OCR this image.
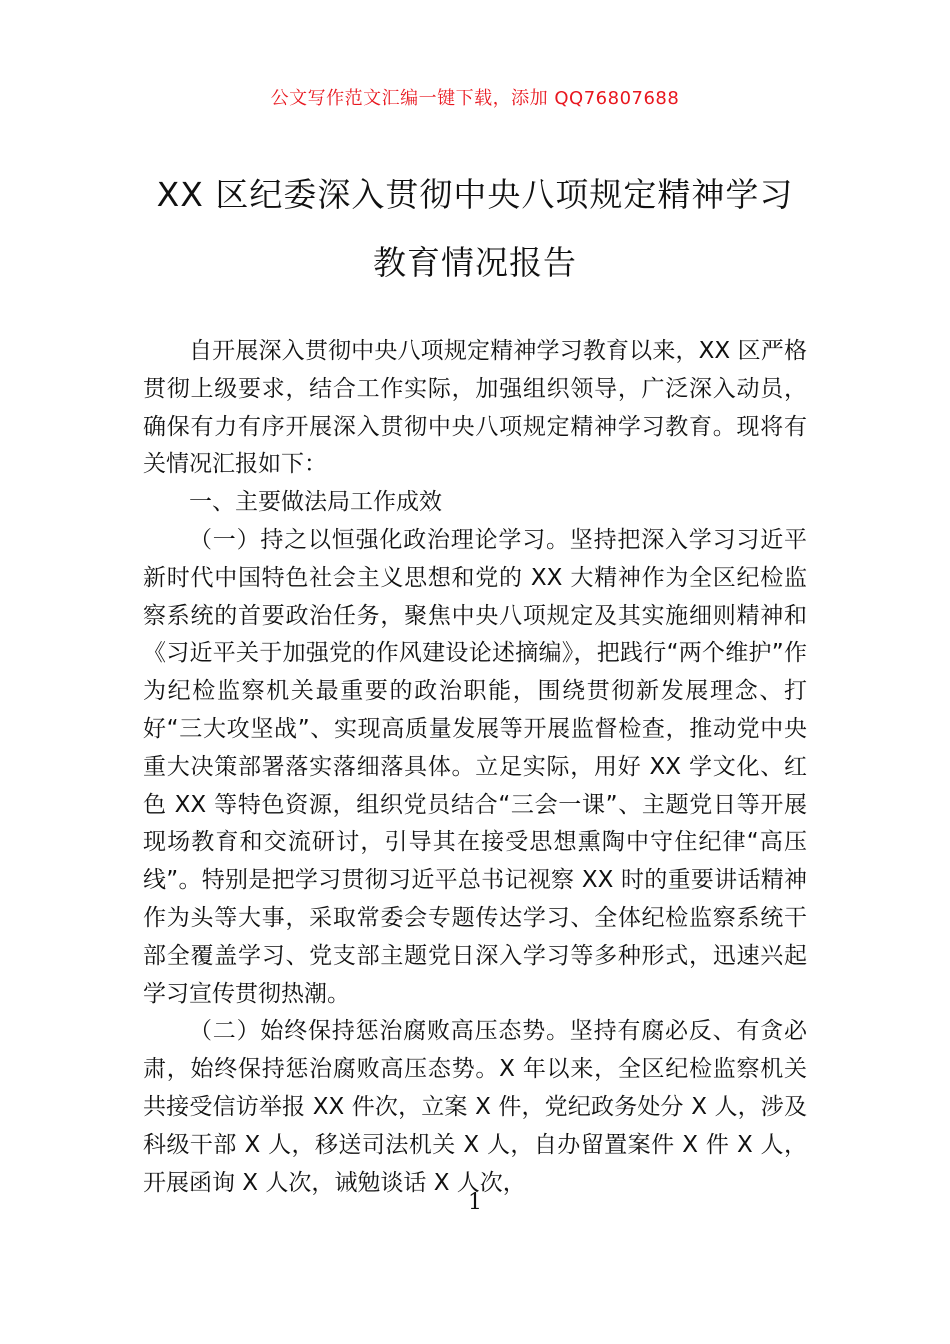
公文写作范文汇编一键下载，添加 QQ76807688
XX 区纪委深入贯彻中央八项规定精神学习
教育情况报告

自开展深入贯彻中央八项规定精神学习教育以来，XX 区严格贯彻上级要求，结合工作实际，加强组织领导，广泛深入动员，确保有力有序开展深入贯彻中央八项规定精神学习教育。现将有关情况汇报如下：

一、主要做法局工作成效

（一）持之以恒强化政治理论学习。坚持把深入学习习近平新时代中国特色社会主义思想和党的 XX 大精神作为全区纪检监察系统的首要政治任务，聚焦中央八项规定及其实施细则精神和《习近平关于加强党的作风建设论述摘编》，把践行“两个维护”作为纪检监察机关最重要的政治职能，围绕贯彻新发展理念、打好“三大攻坚战”、实现高质量发展等开展监督检查，推动党中央重大决策部署落实落细落具体。立足实际，用好 XX 学文化、红色 XX 等特色资源，组织党员结合“三会一课”、主题党日等开展现场教育和交流研讨，引导其在接受思想熏陶中守住纪律“高压线”。特别是把学习贯彻习近平总书记视察 XX 时的重要讲话精神作为头等大事，采取常委会专题传达学习、全体纪检监察系统干部全覆盖学习、党支部主题党日深入学习等多种形式，迅速兴起学习宣传贯彻热潮。

（二）始终保持惩治腐败高压态势。坚持有腐必反、有贪必肃，始终保持惩治腐败高压态势。X 年以来，全区纪检监察机关共接受信访举报 XX 件次，立案 X 件，党纪政务处分 X 人，涉及科级干部 X 人，移送司法机关 X 人，自办留置案件 X 件 X 人，开展函询 X 人次，诫勉谈话 X 人次，

1
